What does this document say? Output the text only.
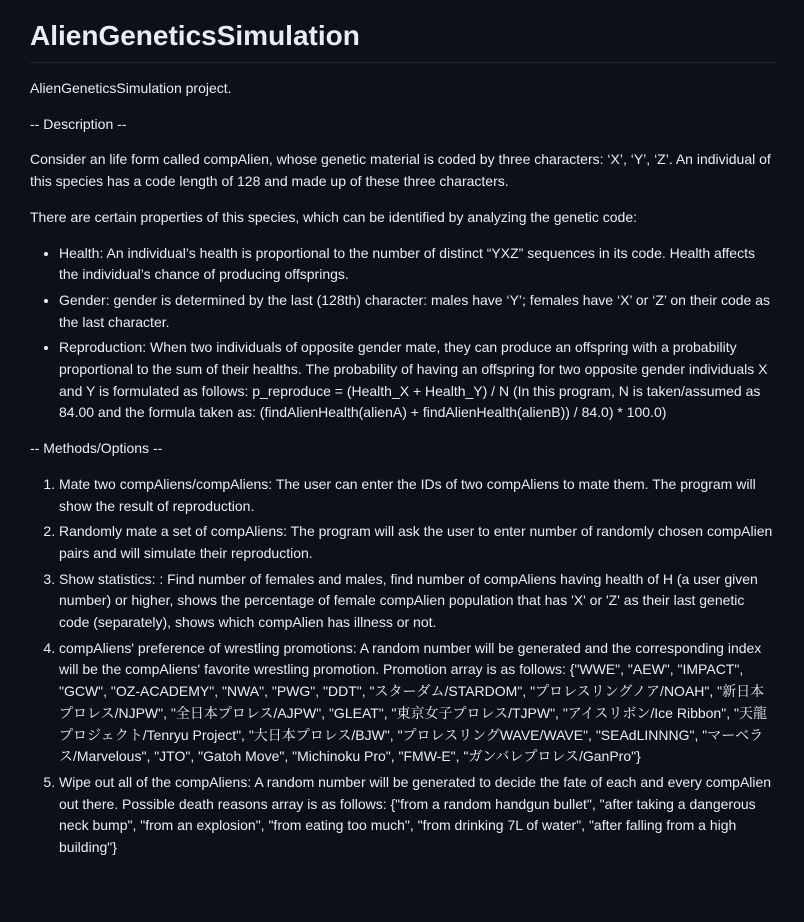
AlienGeneticsSimulation

AlienGeneticsSimulation project.

-- Description --

Consider an life form called compAlien, whose genetic material is coded by three characters: ‘X’, ‘Y’, ‘Z’. An individual of this species has a code length of 128 and made up of these three characters.

There are certain properties of this species, which can be identified by analyzing the genetic code:

• Health: An individual’s health is proportional to the number of distinct “YXZ” sequences in its code. Health affects the individual’s chance of producing offsprings.
• Gender: gender is determined by the last (128th) character: males have ‘Y’; females have ‘X’ or ‘Z’ on their code as the last character.
• Reproduction: When two individuals of opposite gender mate, they can produce an offspring with a probability proportional to the sum of their healths. The probability of having an offspring for two opposite gender individuals X and Y is formulated as follows: p_reproduce = (Health_X + Health_Y) / N (In this program, N is taken/assumed as 84.00 and the formula taken as: (findAlienHealth(alienA) + findAlienHealth(alienB)) / 84.0) * 100.0)

-- Methods/Options --

1. Mate two compAliens/compAliens: The user can enter the IDs of two compAliens to mate them. The program will show the result of reproduction.
2. Randomly mate a set of compAliens: The program will ask the user to enter number of randomly chosen compAlien pairs and will simulate their reproduction.
3. Show statistics: : Find number of females and males, find number of compAliens having health of H (a user given number) or higher, shows the percentage of female compAlien population that has 'X' or 'Z' as their last genetic code (separately), shows which compAlien has illness or not.
4. compAliens' preference of wrestling promotions: A random number will be generated and the corresponding index will be the compAliens' favorite wrestling promotion. Promotion array is as follows: {"WWE", "AEW", "IMPACT", "GCW", "OZ-ACADEMY", "NWA", "PWG", "DDT", "スターダム/STARDOM", "プロレスリングノア/NOAH", "新日本プロレス/NJPW", "全日本プロレス/AJPW", "GLEAT", "東京女子プロレス/TJPW", "アイスリボン/Ice Ribbon", "天龍プロジェクト/Tenryu Project", "大日本プロレス/BJW", "プロレスリングWAVE/WAVE", "SEAdLINNNG", "マーベラス/Marvelous", "JTO", "Gatoh Move", "Michinoku Pro", "FMW-E", "ガンバレプロレス/GanPro"}
5. Wipe out all of the compAliens: A random number will be generated to decide the fate of each and every compAlien out there. Possible death reasons array is as follows: {"from a random handgun bullet", "after taking a dangerous neck bump", "from an explosion", "from eating too much", "from drinking 7L of water", "after falling from a high building"}
